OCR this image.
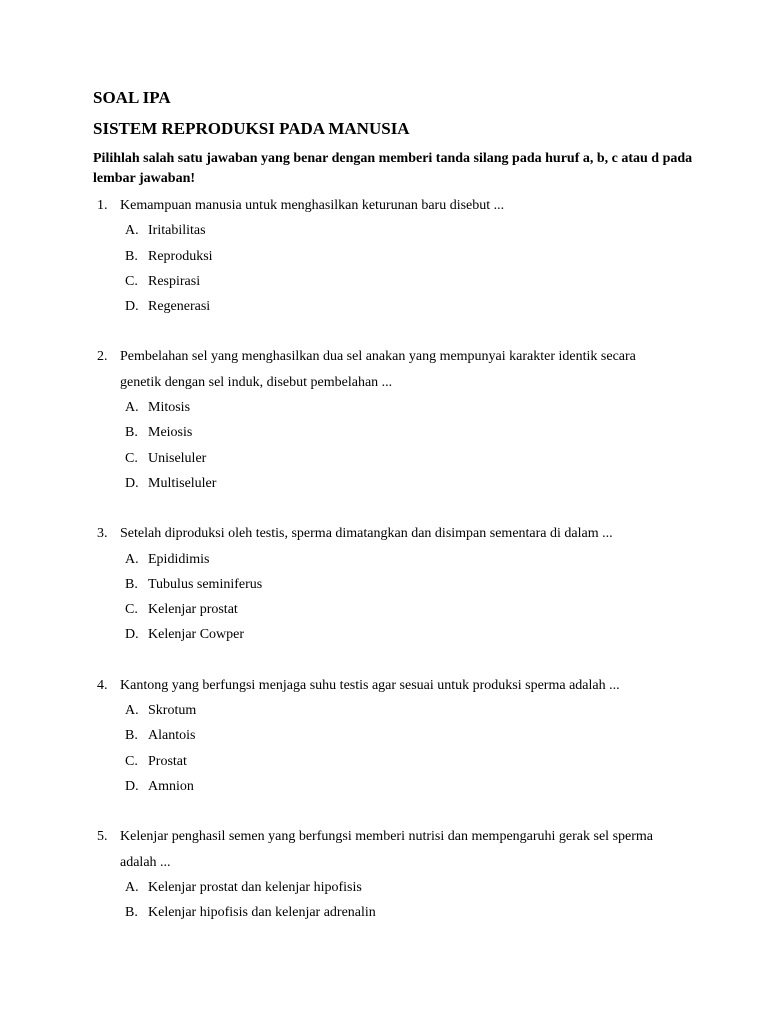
SOAL IPA
SISTEM REPRODUKSI PADA MANUSIA
Pilihlah salah satu jawaban yang benar dengan memberi tanda silang pada huruf a, b, c atau d pada lembar jawaban!
1. Kemampuan manusia untuk menghasilkan keturunan baru disebut ...
A. Iritabilitas
B. Reproduksi
C. Respirasi
D. Regenerasi
2. Pembelahan sel yang menghasilkan dua sel anakan yang mempunyai karakter identik secara genetik dengan sel induk, disebut pembelahan ...
A. Mitosis
B. Meiosis
C. Uniseluler
D. Multiseluler
3. Setelah diproduksi oleh testis, sperma dimatangkan dan disimpan sementara di dalam ...
A. Epididimis
B. Tubulus seminiferus
C. Kelenjar prostat
D. Kelenjar Cowper
4. Kantong yang berfungsi menjaga suhu testis agar sesuai untuk produksi sperma adalah ...
A. Skrotum
B. Alantois
C. Prostat
D. Amnion
5. Kelenjar penghasil semen yang berfungsi memberi nutrisi dan mempengaruhi gerak sel sperma adalah ...
A. Kelenjar prostat dan kelenjar hipofisis
B. Kelenjar hipofisis dan kelenjar adrenalin
